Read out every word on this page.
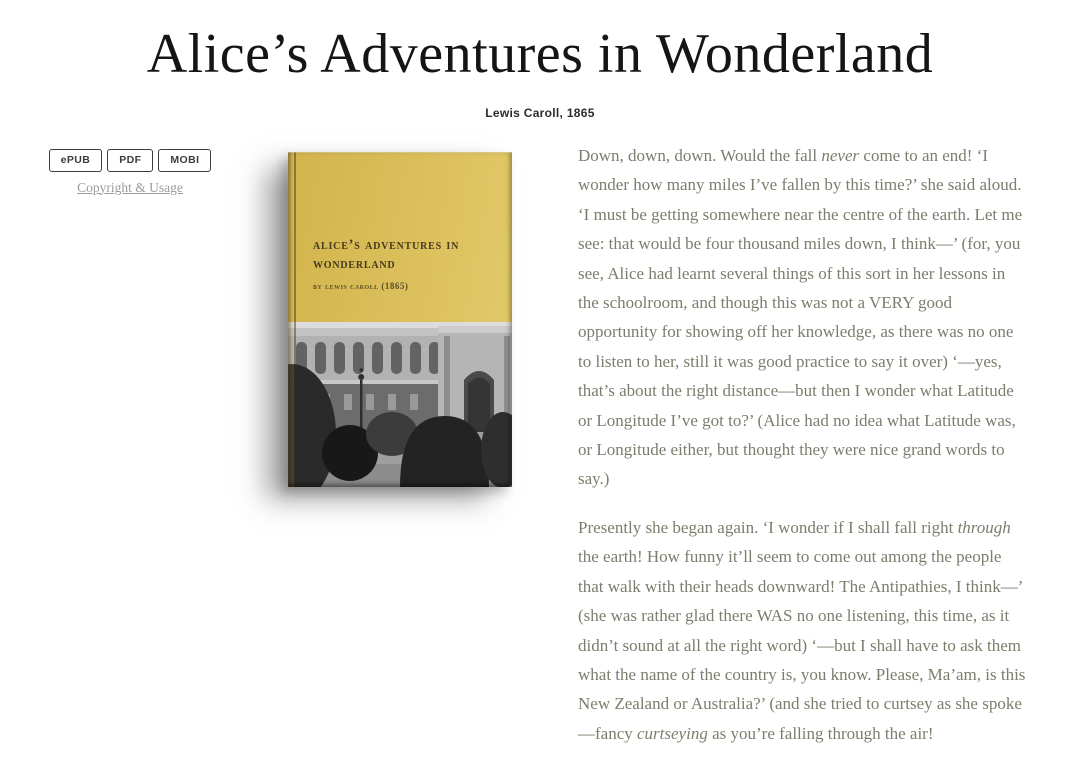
Alice’s Adventures in Wonderland
Lewis Caroll, 1865
ePUB	PDF	MOBI
Copyright & Usage
alice’s adventures in wonderland
by lewis caroll (1865)

Down, down, down. Would the fall never come to an end! ‘I wonder how many miles I’ve fallen by this time?’ she said aloud. ‘I must be getting somewhere near the centre of the earth. Let me see: that would be four thousand miles down, I think—’ (for, you see, Alice had learnt several things of this sort in her lessons in the schoolroom, and though this was not a VERY good opportunity for showing off her knowledge, as there was no one to listen to her, still it was good practice to say it over) ‘—yes, that’s about the right distance—but then I wonder what Latitude or Longitude I’ve got to?’ (Alice had no idea what Latitude was, or Longitude either, but thought they were nice grand words to say.)

Presently she began again. ‘I wonder if I shall fall right through the earth! How funny it’ll seem to come out among the people that walk with their heads downward! The Antipathies, I think—’ (she was rather glad there WAS no one listening, this time, as it didn’t sound at all the right word) ‘—but I shall have to ask them what the name of the country is, you know. Please, Ma’am, is this New Zealand or Australia?’ (and she tried to curtsey as she spoke—fancy curtseying as you’re falling through the air!
